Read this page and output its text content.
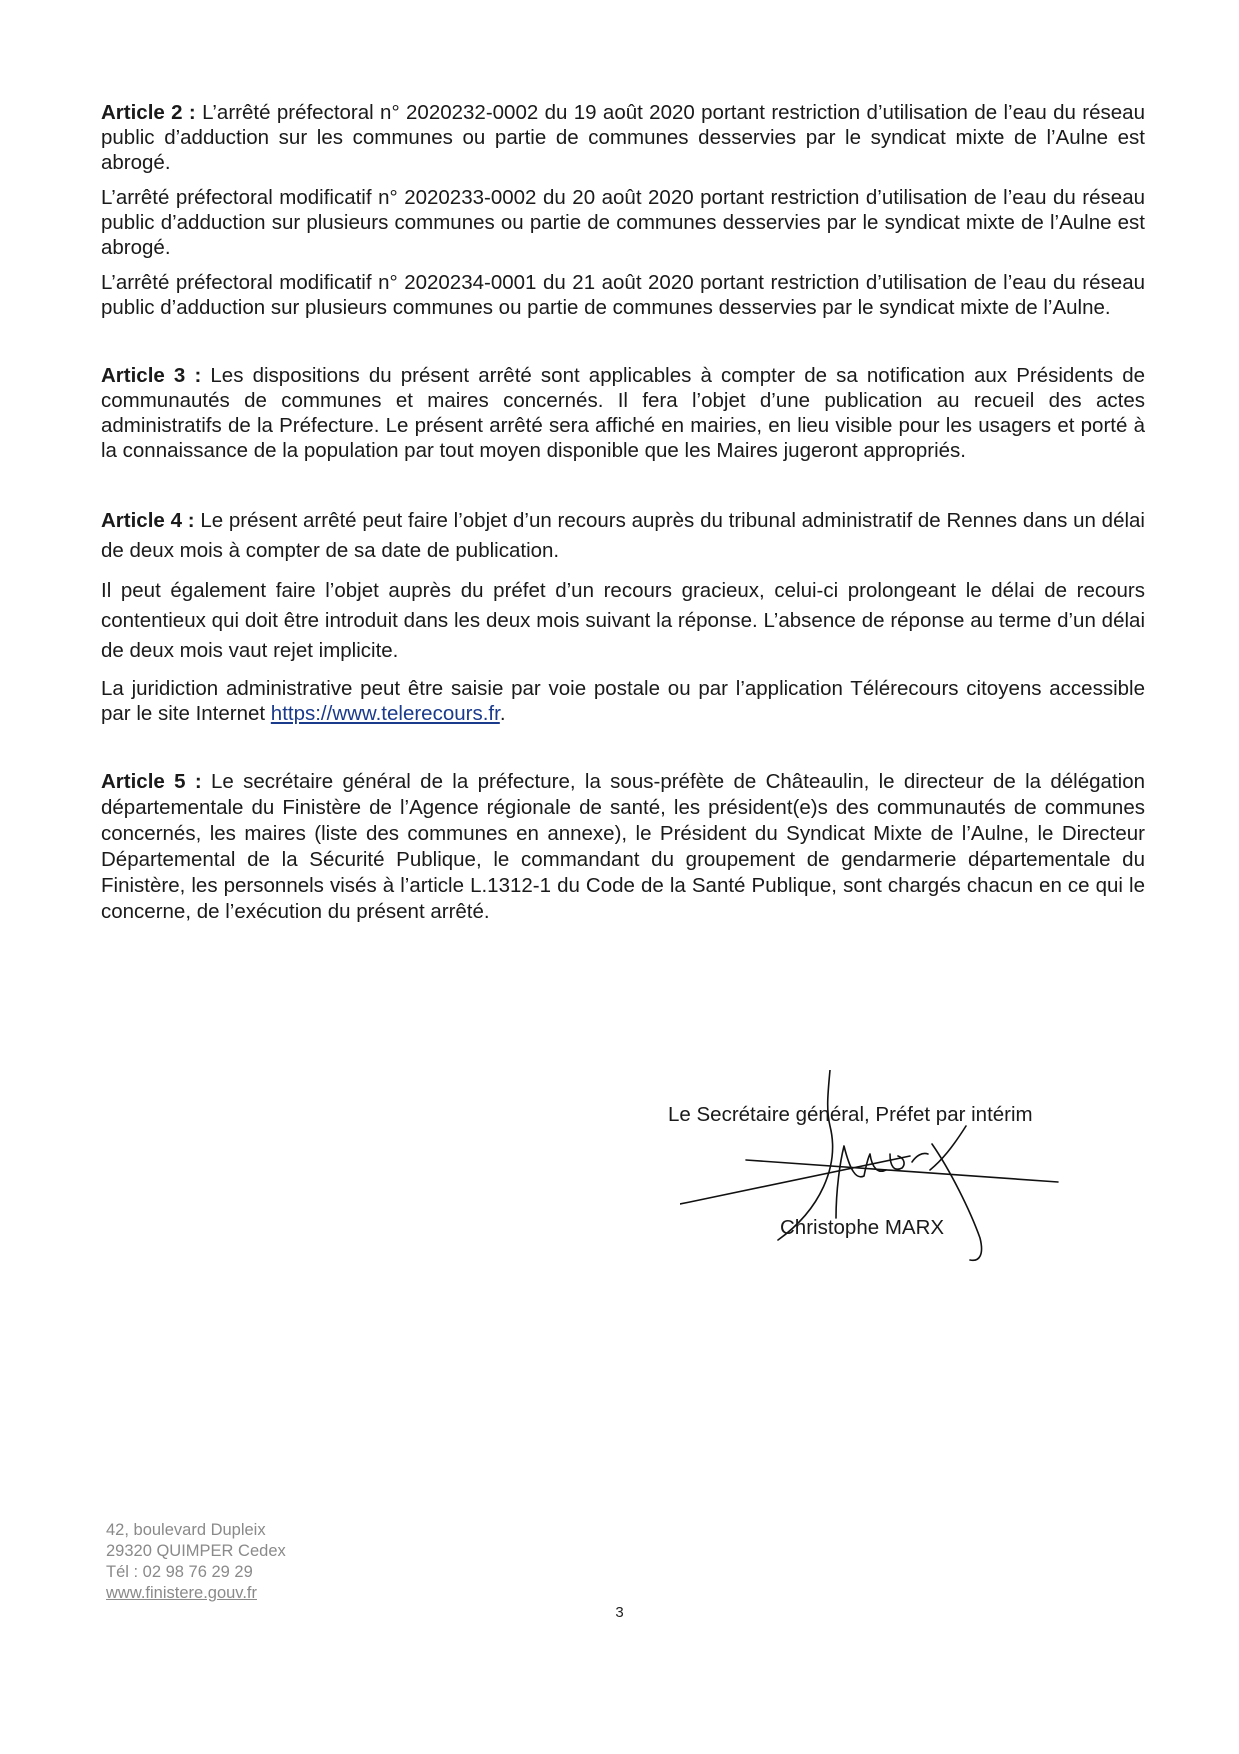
Article 2 : L’arrêté préfectoral n° 2020232-0002 du 19 août 2020 portant restriction d’utilisation de l’eau du réseau public d’adduction sur les communes ou partie de communes desservies par le syndicat mixte de l’Aulne est abrogé.

L’arrêté préfectoral modificatif n° 2020233-0002 du 20 août 2020 portant restriction d’utilisation de l’eau du réseau public d’adduction sur plusieurs communes ou partie de communes desservies par le syndicat mixte de l’Aulne est abrogé.

L’arrêté préfectoral modificatif n° 2020234-0001 du 21 août 2020 portant restriction d’utilisation de l’eau du réseau public d’adduction sur plusieurs communes ou partie de communes desservies par le syndicat mixte de l’Aulne.

Article 3 : Les dispositions du présent arrêté sont applicables à compter de sa notification aux Présidents de communautés de communes et maires concernés. Il fera l’objet d’une publication au recueil des actes administratifs de la Préfecture. Le présent arrêté sera affiché en mairies, en lieu visible pour les usagers et porté à la connaissance de la population par tout moyen disponible que les Maires jugeront appropriés.

Article 4 : Le présent arrêté peut faire l’objet d’un recours auprès du tribunal administratif de Rennes dans un délai de deux mois à compter de sa date de publication.

Il peut également faire l’objet auprès du préfet d’un recours gracieux, celui-ci prolongeant le délai de recours contentieux qui doit être introduit dans les deux mois suivant la réponse. L’absence de réponse au terme d’un délai de deux mois vaut rejet implicite.

La juridiction administrative peut être saisie par voie postale ou par l’application Télérecours citoyens accessible par le site Internet https://www.telerecours.fr.

Article 5 : Le secrétaire général de la préfecture, la sous-préfète de Châteaulin, le directeur de la délégation départementale du Finistère de l’Agence régionale de santé, les président(e)s des communautés de communes concernés, les maires (liste des communes en annexe), le Président du Syndicat Mixte de l’Aulne, le Directeur Départemental de la Sécurité Publique, le commandant du groupement de gendarmerie départementale du Finistère, les personnels visés à l’article L.1312-1 du Code de la Santé Publique, sont chargés chacun en ce qui le concerne, de l’exécution du présent arrêté.

Le Secrétaire général, Préfet par intérim
Christophe MARX
42, boulevard Dupleix
29320 QUIMPER Cedex
Tél : 02 98 76 29 29
www.finistere.gouv.fr
3
